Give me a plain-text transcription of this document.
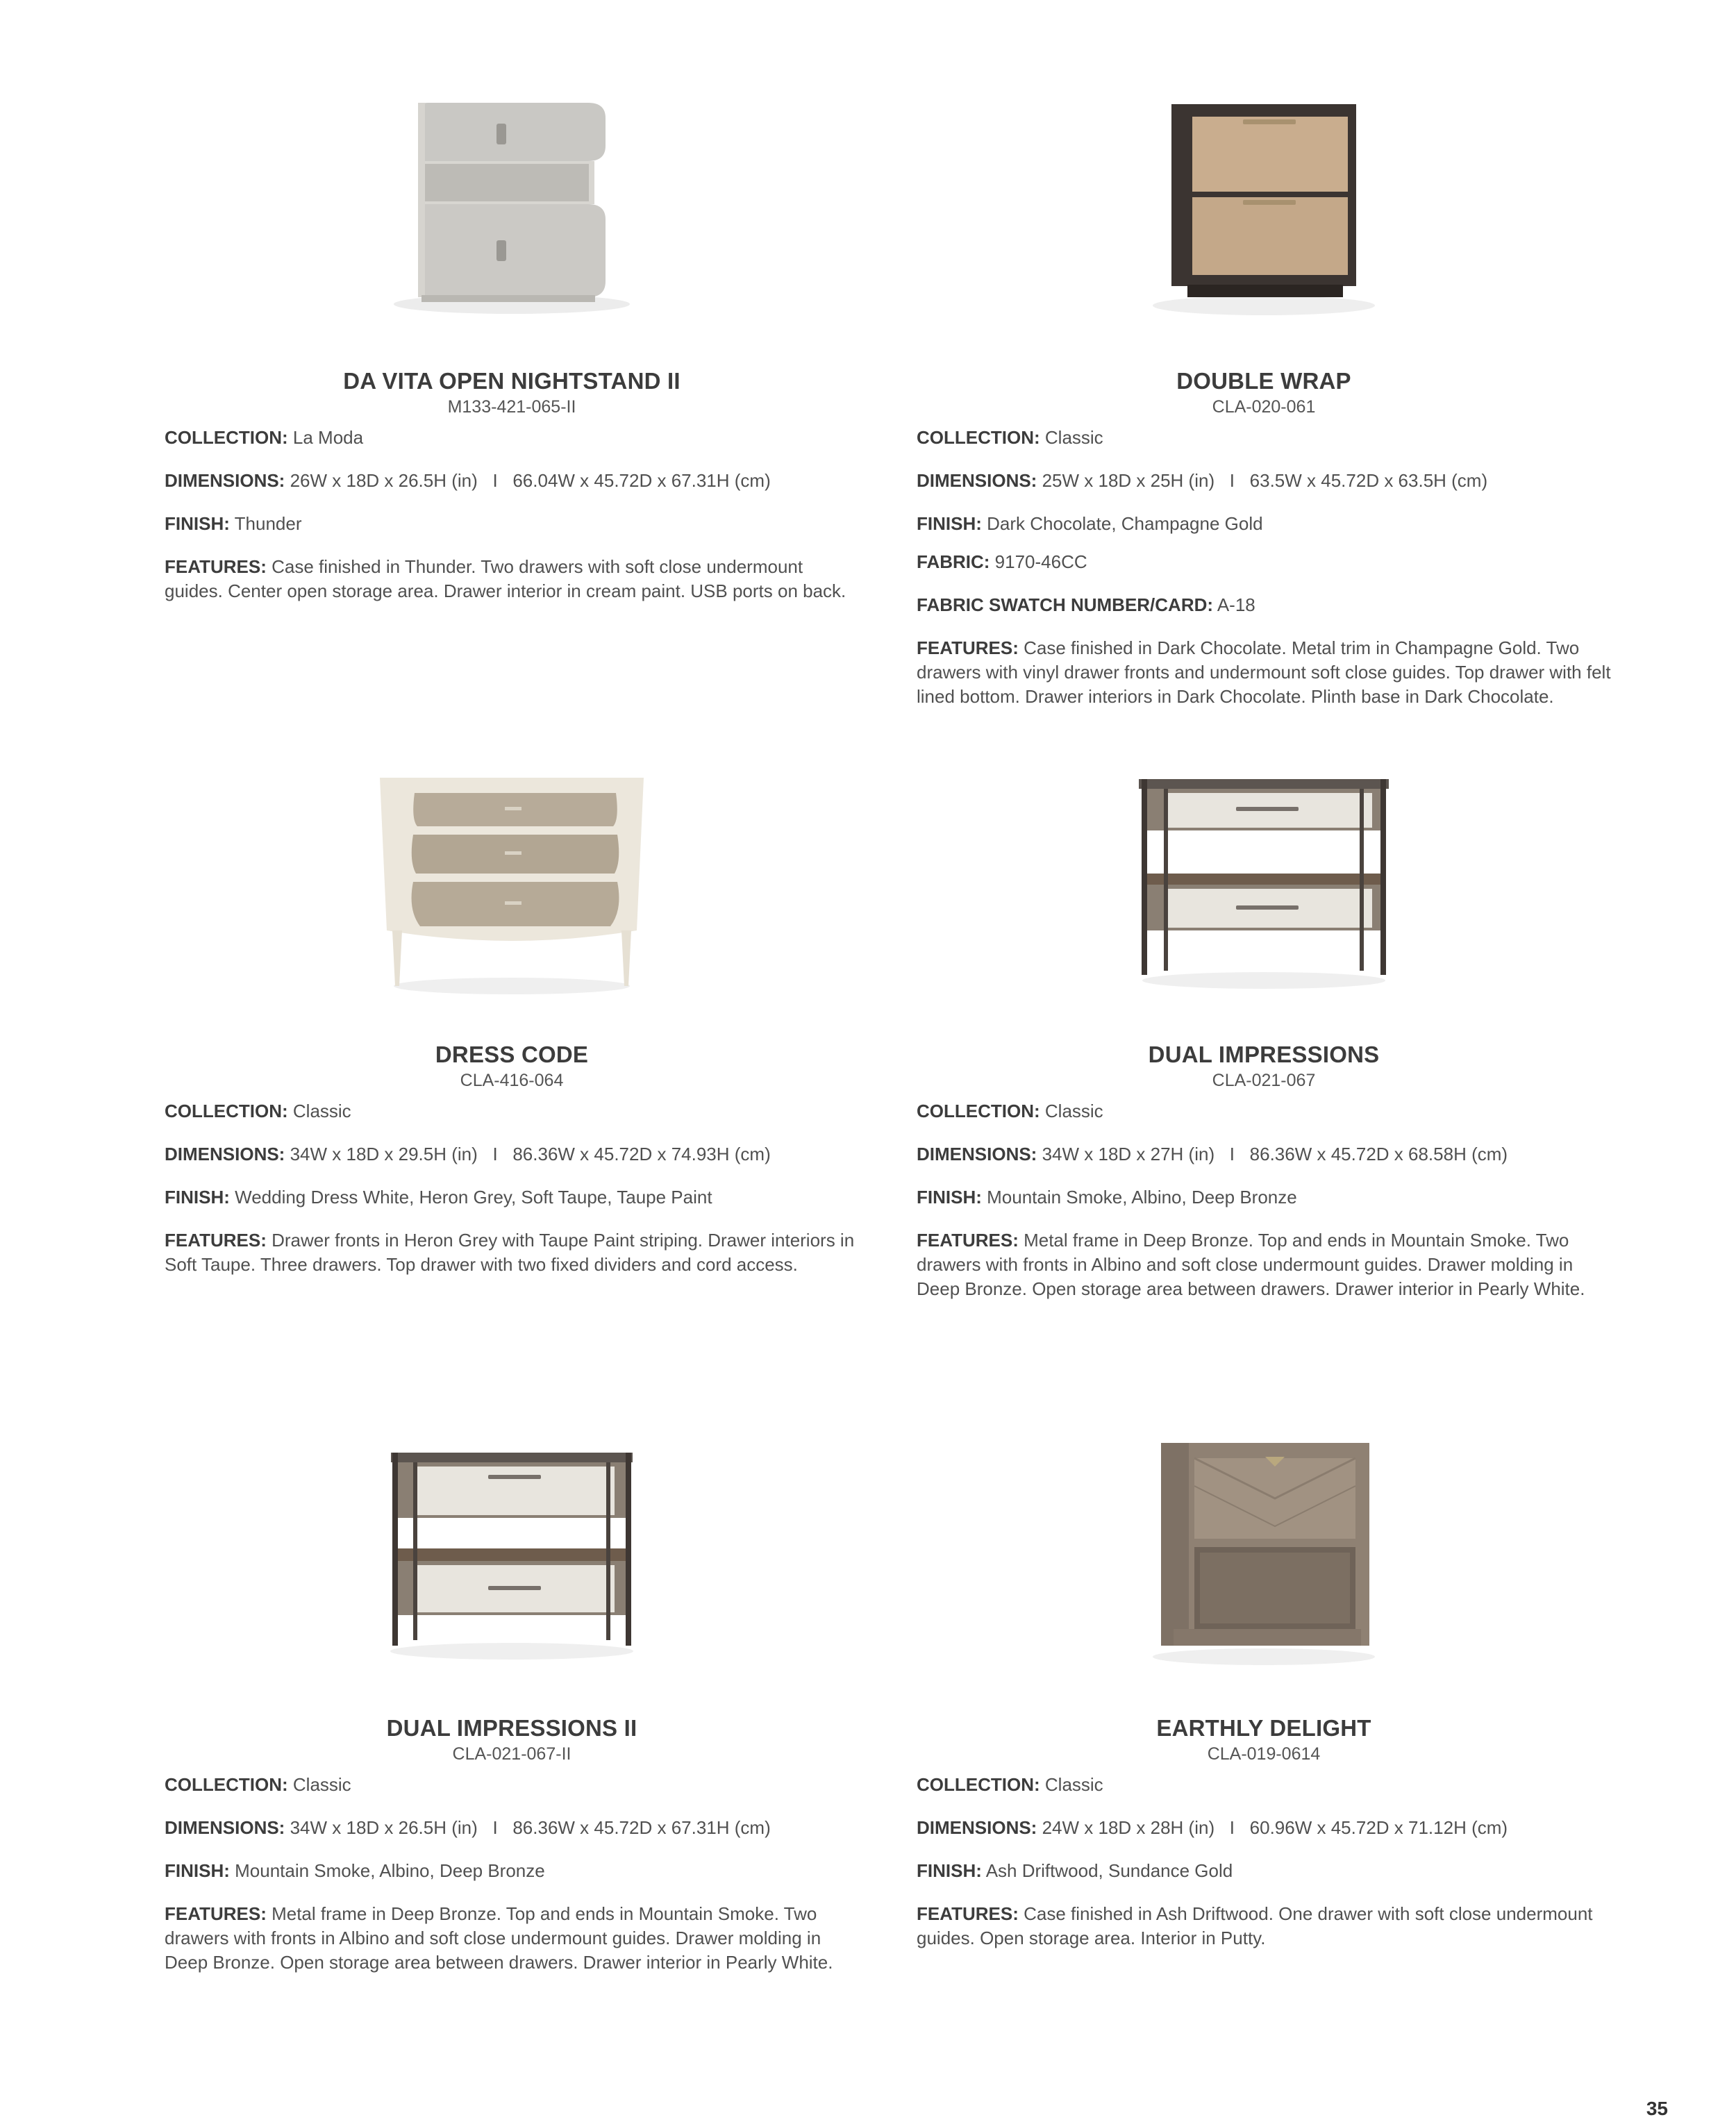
DA VITA OPEN NIGHTSTAND II
M133-421-065-II
COLLECTION: La Moda
DIMENSIONS: 26W x 18D x 26.5H (in)   I   66.04W x 45.72D x 67.31H (cm)
FINISH: Thunder
FEATURES: Case finished in Thunder. Two drawers with soft close undermount guides. Center open storage area. Drawer interior in cream paint. USB ports on back.
DOUBLE WRAP
CLA-020-061
COLLECTION: Classic
DIMENSIONS: 25W x 18D x 25H (in)   I   63.5W x 45.72D x 63.5H (cm)
FINISH: Dark Chocolate, Champagne Gold
FABRIC: 9170-46CC
FABRIC SWATCH NUMBER/CARD: A-18
FEATURES: Case finished in Dark Chocolate. Metal trim in Champagne Gold. Two drawers with vinyl drawer fronts and undermount soft close guides. Top drawer with felt lined bottom. Drawer interiors in Dark Chocolate. Plinth base in Dark Chocolate.
DRESS CODE
CLA-416-064
COLLECTION: Classic
DIMENSIONS: 34W x 18D x 29.5H (in)   I   86.36W x 45.72D x 74.93H (cm)
FINISH: Wedding Dress White, Heron Grey, Soft Taupe, Taupe Paint
FEATURES: Drawer fronts in Heron Grey with Taupe Paint striping. Drawer interiors in Soft Taupe. Three drawers. Top drawer with two fixed dividers and cord access.
DUAL IMPRESSIONS
CLA-021-067
COLLECTION: Classic
DIMENSIONS: 34W x 18D x 27H (in)   I   86.36W x 45.72D x 68.58H (cm)
FINISH: Mountain Smoke, Albino, Deep Bronze
FEATURES: Metal frame in Deep Bronze. Top and ends in Mountain Smoke. Two drawers with fronts in Albino and soft close undermount guides. Drawer molding in Deep Bronze. Open storage area between drawers. Drawer interior in Pearly White.
DUAL IMPRESSIONS II
CLA-021-067-II
COLLECTION: Classic
DIMENSIONS: 34W x 18D x 26.5H (in)   I   86.36W x 45.72D x 67.31H (cm)
FINISH: Mountain Smoke, Albino, Deep Bronze
FEATURES: Metal frame in Deep Bronze. Top and ends in Mountain Smoke. Two drawers with fronts in Albino and soft close undermount guides. Drawer molding in Deep Bronze. Open storage area between drawers. Drawer interior in Pearly White.
EARTHLY DELIGHT
CLA-019-0614
COLLECTION: Classic
DIMENSIONS: 24W x 18D x 28H (in)   I   60.96W x 45.72D x 71.12H (cm)
FINISH: Ash Driftwood, Sundance Gold
FEATURES: Case finished in Ash Driftwood. One drawer with soft close undermount guides. Open storage area. Interior in Putty.
35
